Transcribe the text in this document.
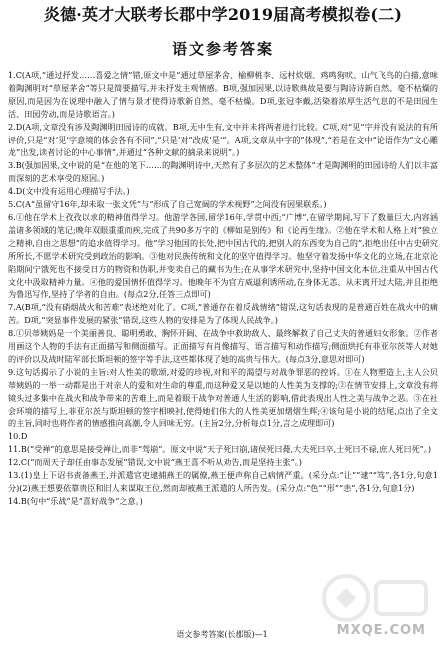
炎德·英才大联考长郡中学2019届高考模拟卷(二)
语文参考答案

1.C(A项,“通过抒发……喜爱之情”错,原文中是“通过草屋茅舍、榆柳桃李、远村炊烟、鸡鸣狗吠、山气飞鸟的白描,意味着陶渊明对“草屋茅舍”等只是简要描写,并未抒发主观情感。B项,强加因果,以诗歌典故是要与陶诗诗新自然、毫不枯燥的原因,而是因为在说理中融入了情与景才使得诗歌新自然、毫不枯燥。D项,张冠李戴,活染着浓厚生活气息的不是田园生活、田园劳动,而是诗歌语言。)

2.D(A项,文章没有涉及陶渊明田园诗的成就。B项,无中生有,文中并未将两者进行比较。C项,对“见”字并没有说法的有所评价,只是“对‘见’字意境的体会各有不同”,“只是‘对”改成‘是’”。A项,文章从中字的“体现”,“若是在文中“论语作为“文心雕龙”出发,读者讨论的中心事情”,并通过“各种文献的摘录来说明”。)

3.B(强加因果,文中说的是“在他的笔下……的陶渊明诗中,天然有了多层次的艺术整体”才是陶渊明的田园诗给人们以丰富而深刻的艺术享受的原因。)

4.D(文中没有运用心理描写手法。)

5.C(A“虽留守16年,却未取一张文凭”与“形成了自己宽阔的学术视野”之间没有因果联系。)

6.①他在学术上孜孜以求的精神值得学习。他游学各国,留学16年,学贯中西;“广博”,在留学期间,写下了数量巨大,内容涵盖诸多领域的笔记;晚年双眼重重而疾,完成了共90多万字的《柳如是别传》和《论再生缘》。②他在学术和人格上对“独立之精神,自由之思想”的追求值得学习。他“学习他国的长处,把中国古代的,把别人的东西变为自己的”,拒绝出任中古史研究所所长,不愿学术研究受到政治的影响。③他对民族传统和文化的坚守值得学习。他坚守着发扬中华文化的立场,在北京沦陷期间宁饿死也不接受日方的物资和伪职,并变卖自己的藏书为生;在从事学术研究中,坚持中国文化本位,注重从中国古代文化中汲取精神力量。④他的爱国情怀值得学习。他晚年不为官方威逼利诱所动,在身体无恙、从未离开过大陆,并且拒绝为鲁迅写作,坚持了学者的自由。(每点2分,任答三点即可)

7.A(B项,“没有硝烟战火和苦难”表述绝对化了。C项,“普通存在着反战情绪”错误,这句话表现的是普通百姓在战火中的痛苦。D项,“突显事件发展的紧张”错误,这些人物的安排是为了体现人民战争。)

8.①贝蒂姨妈是一个美丽善良、聪明勇敢、胸怀开阔、在战争中救助敌人、最终解救了自己丈夫的普通妇女形象。②作者用画这个人物的手法有正面描写和侧面描写。正面描写有肖像描写、语言描写和动作描写;侧面烘托有菲亚尔茨等人对她的评价以及战时陆军部长斯坦顿的签字等手法,这些都体现了她的高贵与伟大。(每点3分,意思对即可)

9.这句话揭示了小说的主旨:对人性美的歌颂,对爱的珍视,对和平的渴望与对战争罪恶的控诉。①在人物塑造上,主人公贝蒂姨妈的一举一动都是出于对亲人的爱和对生命的尊重,而这种爱又是以她的人性美为支撑的;②在情节安排上,文章没有将镜头过多集中在战火和战争带来的苦难上,而是着眼于战争对普通人生活的影响,借此表现出人性之美与战争之恶。③在社会环境的描写上,菲亚尔茨与斯坦顿的签字相映衬,使得她们伟大的人性美更加熠熠生辉;④该句是小说的结尾,点出了全文的主旨,同时也将作者的情感推向高潮,令人回味无穷。(主旨2分,分析每点1分,言之成理即可)

10.D

11.B(“受禅”的意思是接受禅让,而非“驾崩”。原文中说“天子死曰崩,诸侯死曰薨,大夫死曰卒,士死曰不禄,庶人死曰死”。)

12.C(“而周天子却任由事态发展”错误,文中说“燕王喜不听从劝告,而是坚持主张”。)

13.(1)皇上下诏书责备燕王,并派遣官吏逮捕燕王的属僚,燕王便声称自己病情严重。(采分点:“让”“逮”“笃”,各1分,句意1分)(2)燕王想要依靠贵臣和旧人来谋取王位,然而却被燕王派遣的人所告发。(采分点:“色”“形”“恚”,各1分,句意1分)

14.B(句中“乐战”是“喜好战争”之意。)

MXQE.COM
语文参考答案(长郡版)—1
